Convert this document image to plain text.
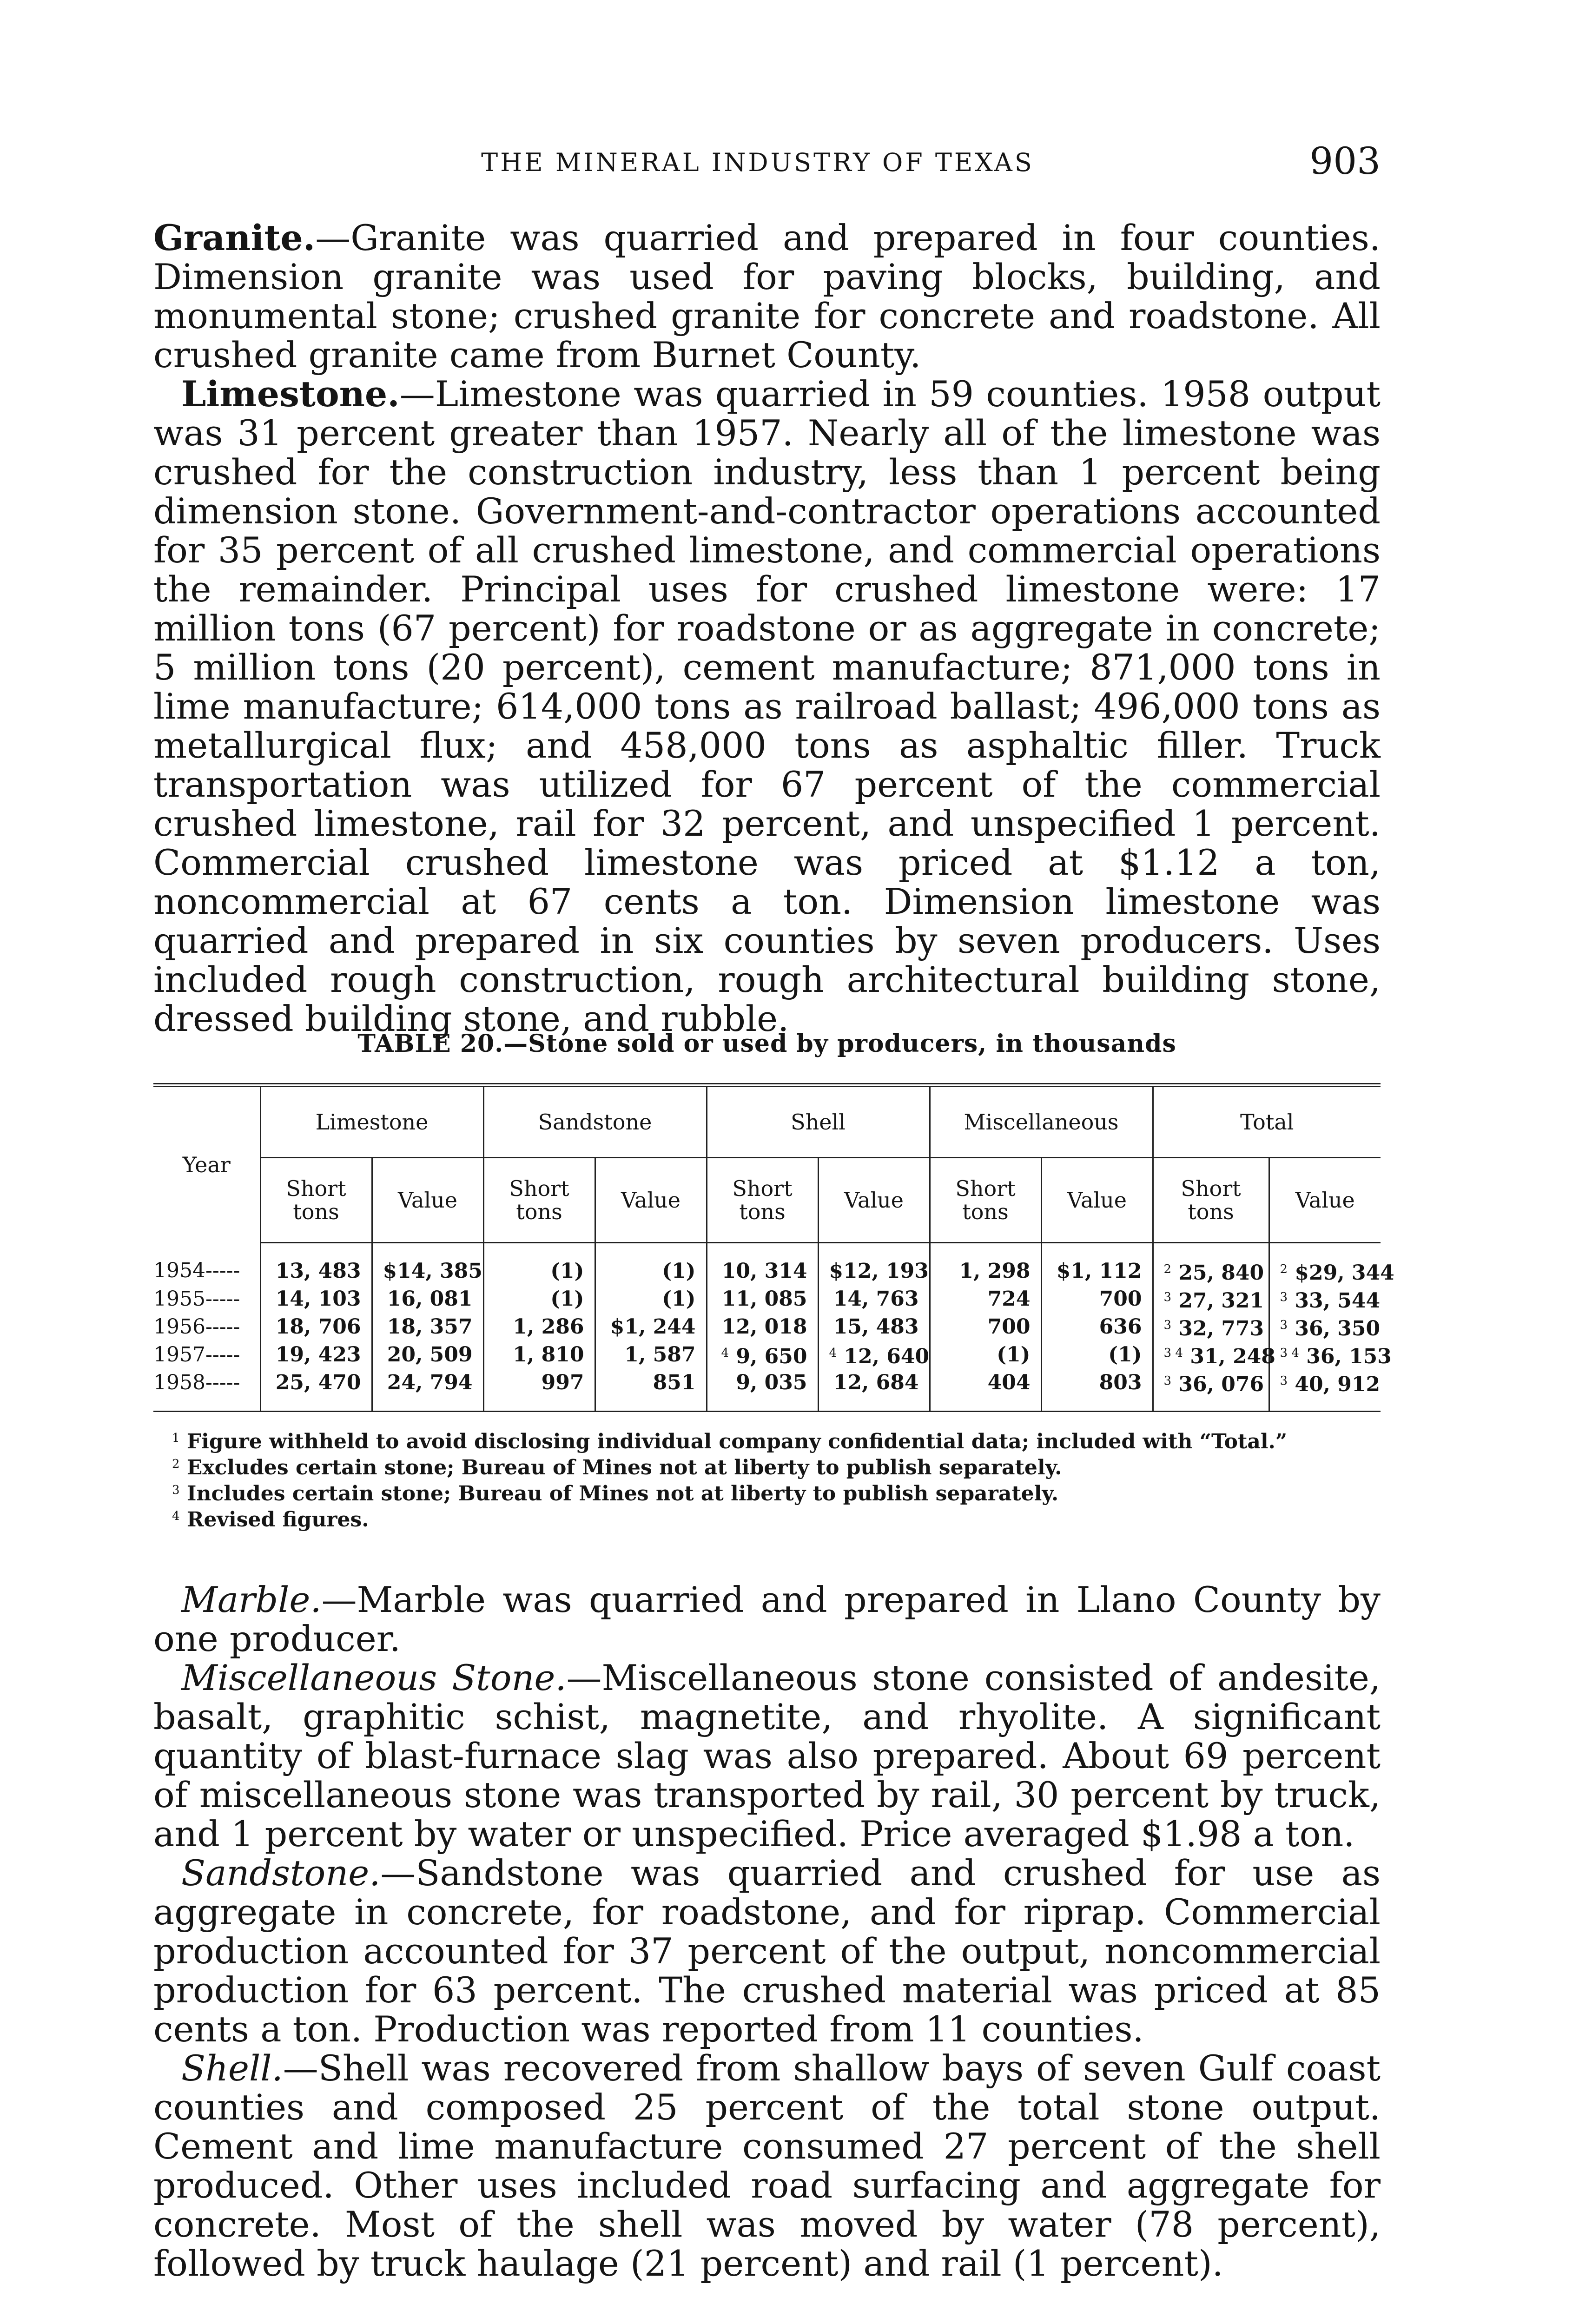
THE MINERAL INDUSTRY OF TEXAS	903

Granite.—Granite was quarried and prepared in four counties. Dimension granite was used for paving blocks, building, and monumental stone; crushed granite for concrete and roadstone. All crushed granite came from Burnet County.

Limestone.—Limestone was quarried in 59 counties. 1958 output was 31 percent greater than 1957. Nearly all of the limestone was crushed for the construction industry, less than 1 percent being dimension stone. Government-and-contractor operations accounted for 35 percent of all crushed limestone, and commercial operations the remainder. Principal uses for crushed limestone were: 17 million tons (67 percent) for roadstone or as aggregate in concrete; 5 million tons (20 percent), cement manufacture; 871,000 tons in lime manufacture; 614,000 tons as railroad ballast; 496,000 tons as metallurgical flux; and 458,000 tons as asphaltic filler. Truck transportation was utilized for 67 percent of the commercial crushed limestone, rail for 32 percent, and unspecified 1 percent. Commercial crushed limestone was priced at $1.12 a ton, noncommercial at 67 cents a ton. Dimension limestone was quarried and prepared in six counties by seven producers. Uses included rough construction, rough architectural building stone, dressed building stone, and rubble.

TABLE 20.—Stone sold or used by producers, in thousands
Year	Limestone		Sandstone		Shell		Miscellaneous		Total	
	Short tons	Value	Short tons	Value	Short tons	Value	Short tons	Value	Short tons	Value
1954-----	13, 483	$14, 385	(1)	(1)	10, 314	$12, 193	1, 298	$1, 112	$^2$ 25, 840	$^2$ $29, 344
1955-----	14, 103	16, 081	(1)	(1)	11, 085	14, 763	724	700	$^3$ 27, 321	$^3$ 33, 544
1956-----	18, 706	18, 357	1, 286	$1, 244	12, 018	15, 483	700	636	$^3$ 32, 773	$^3$ 36, 350
1957-----	19, 423	20, 509	1, 810	1, 587	$^4$ 9, 650	$^4$ 12, 640	(1)	(1)	$^{3 4}$ 31, 248	$^{3 4}$ 36, 153
1958-----	25, 470	24, 794	997	851	9, 035	12, 684	404	803	$^3$ 36, 076	$^3$ 40, 912

$^1$ Figure withheld to avoid disclosing individual company confidential data; included with “Total.”

$^2$ Excludes certain stone; Bureau of Mines not at liberty to publish separately.

$^3$ Includes certain stone; Bureau of Mines not at liberty to publish separately.

$^4$ Revised figures.

Marble.—Marble was quarried and prepared in Llano County by one producer.

Miscellaneous Stone.—Miscellaneous stone consisted of andesite, basalt, graphitic schist, magnetite, and rhyolite. A significant quantity of blast-furnace slag was also prepared. About 69 percent of miscellaneous stone was transported by rail, 30 percent by truck, and 1 percent by water or unspecified. Price averaged $1.98 a ton.

Sandstone.—Sandstone was quarried and crushed for use as aggregate in concrete, for roadstone, and for riprap. Commercial production accounted for 37 percent of the output, noncommercial production for 63 percent. The crushed material was priced at 85 cents a ton. Production was reported from 11 counties.

Shell.—Shell was recovered from shallow bays of seven Gulf coast counties and composed 25 percent of the total stone output. Cement and lime manufacture consumed 27 percent of the shell produced. Other uses included road surfacing and aggregate for concrete. Most of the shell was moved by water (78 percent), followed by truck haulage (21 percent) and rail (1 percent).
